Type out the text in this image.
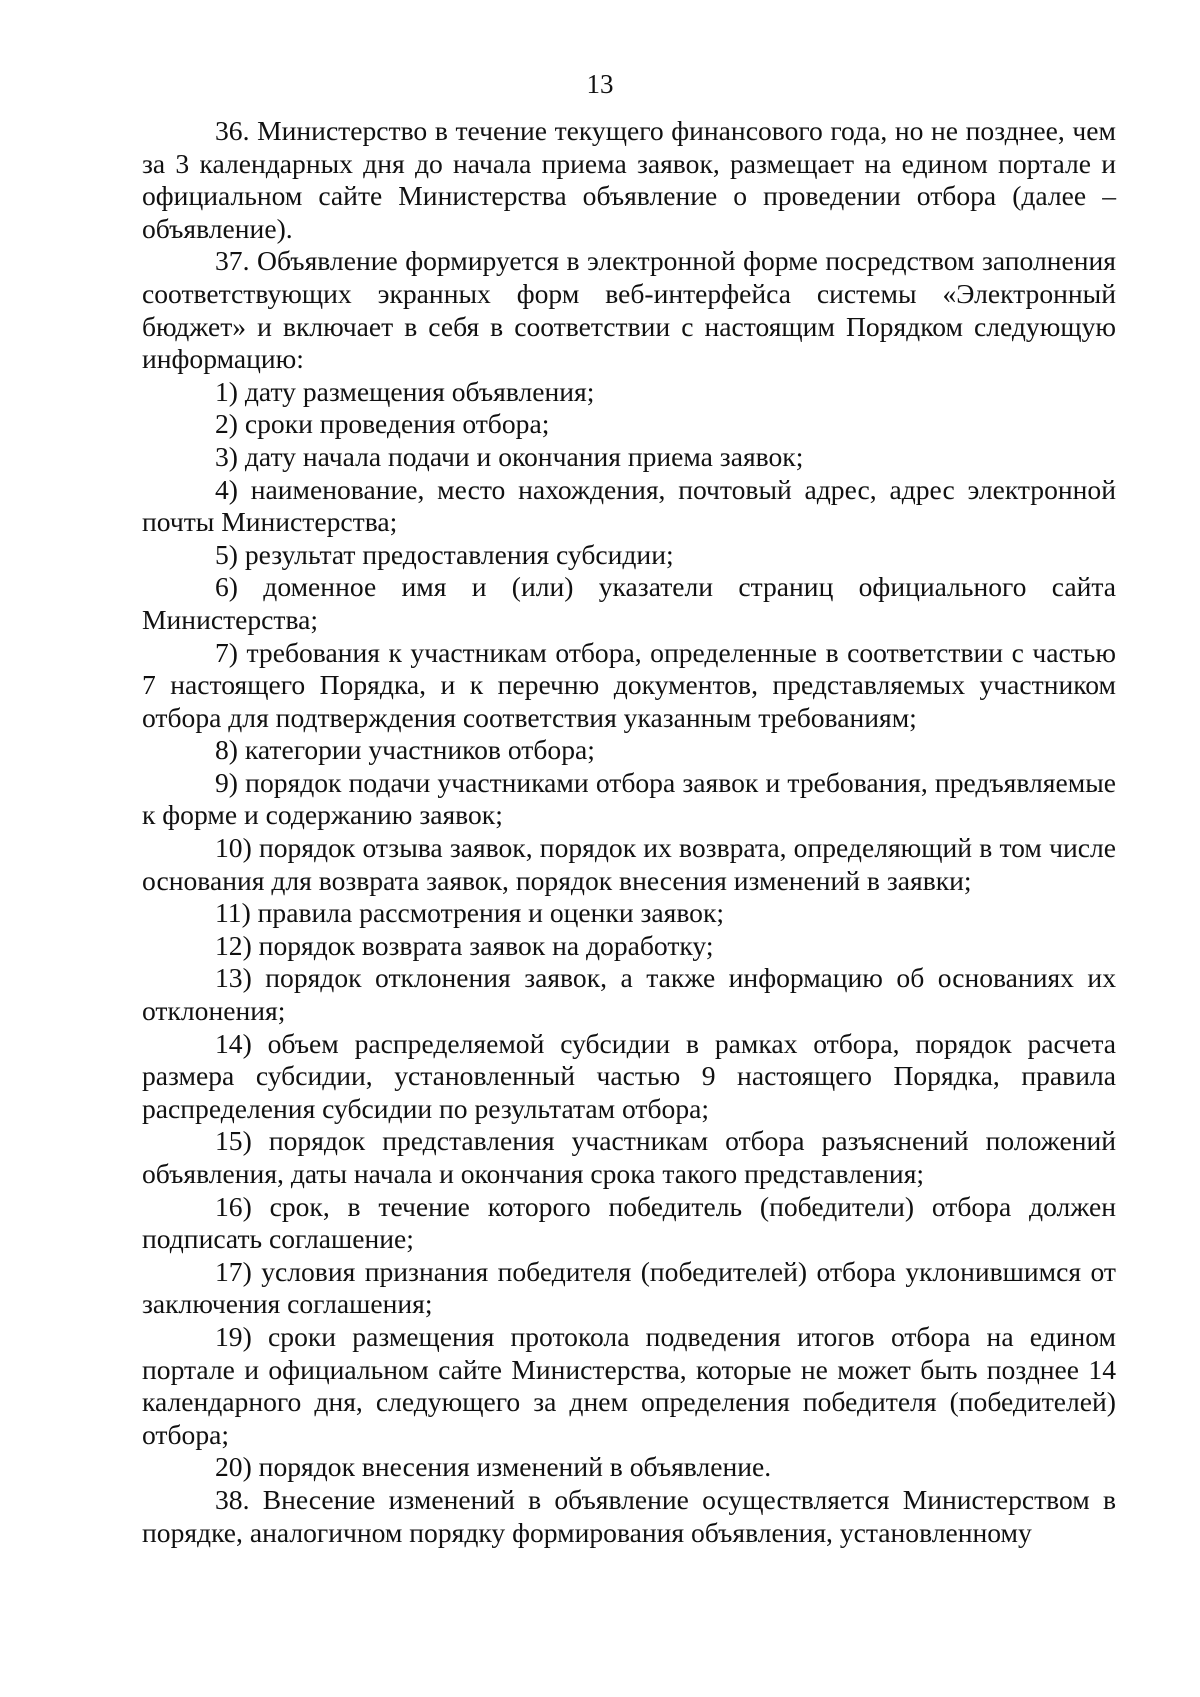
13

36. Министерство в течение текущего финансового года, но не позднее, чем за 3 календарных дня до начала приема заявок, размещает на едином портале и официальном сайте Министерства объявление о проведении отбора (далее – объявление).

37. Объявление формируется в электронной форме посредством заполнения соответствующих экранных форм веб-интерфейса системы «Электронный бюджет» и включает в себя в соответствии с настоящим Порядком следующую информацию:

1) дату размещения объявления;

2) сроки проведения отбора;

3) дату начала подачи и окончания приема заявок;

4) наименование, место нахождения, почтовый адрес, адрес электронной почты Министерства;

5) результат предоставления субсидии;

6) доменное имя и (или) указатели страниц официального сайта Министерства;

7) требования к участникам отбора, определенные в соответствии с частью 7 настоящего Порядка, и к перечню документов, представляемых участником отбора для подтверждения соответствия указанным требованиям;

8) категории участников отбора;

9) порядок подачи участниками отбора заявок и требования, предъявляемые к форме и содержанию заявок;

10) порядок отзыва заявок, порядок их возврата, определяющий в том числе основания для возврата заявок, порядок внесения изменений в заявки;

11) правила рассмотрения и оценки заявок;

12) порядок возврата заявок на доработку;

13) порядок отклонения заявок, а также информацию об основаниях их отклонения;

14) объем распределяемой субсидии в рамках отбора, порядок расчета размера субсидии, установленный частью 9 настоящего Порядка, правила распределения субсидии по результатам отбора;

15) порядок представления участникам отбора разъяснений положений объявления, даты начала и окончания срока такого представления;

16) срок, в течение которого победитель (победители) отбора должен подписать соглашение;

17) условия признания победителя (победителей) отбора уклонившимся от заключения соглашения;

19) сроки размещения протокола подведения итогов отбора на едином портале и официальном сайте Министерства, которые не может быть позднее 14 календарного дня, следующего за днем определения победителя (победителей) отбора;

20) порядок внесения изменений в объявление.

38. Внесение изменений в объявление осуществляется Министерством в порядке, аналогичном порядку формирования объявления, установленному
